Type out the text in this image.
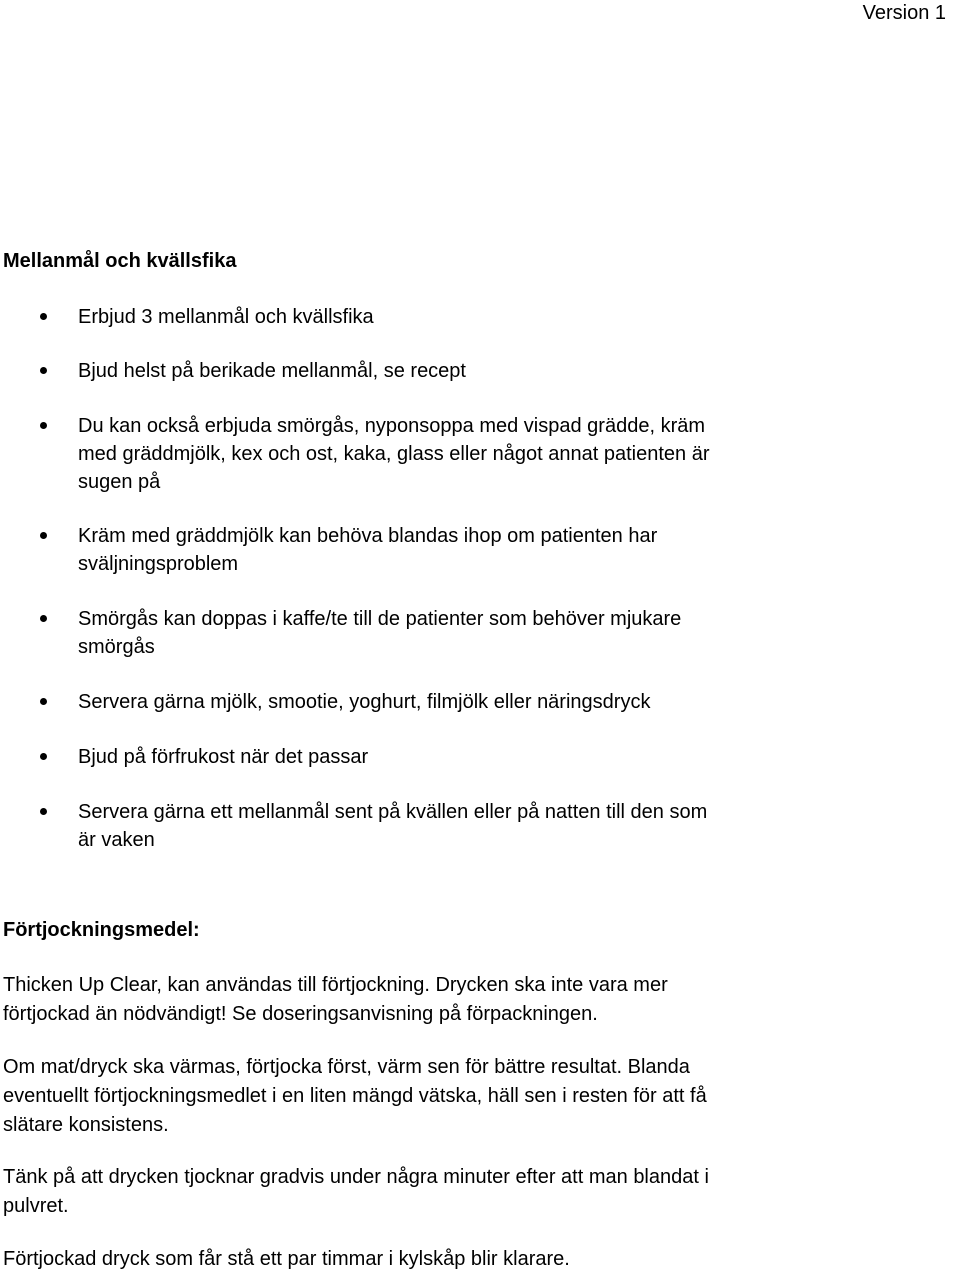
Version 1
Mellanmål och kvällsfika
Erbjud 3 mellanmål och kvällsfika
Bjud helst på berikade mellanmål, se recept
Du kan också erbjuda smörgås, nyponsoppa med vispad grädde, kräm med gräddmjölk, kex och ost, kaka, glass eller något annat patienten är sugen på
Kräm med gräddmjölk kan behöva blandas ihop om patienten har sväljningsproblem
Smörgås kan doppas i kaffe/te till de patienter som behöver mjukare smörgås
Servera gärna mjölk, smootie, yoghurt, filmjölk eller näringsdryck
Bjud på förfrukost när det passar
Servera gärna ett mellanmål sent på kvällen eller på natten till den som är vaken
Förtjockningsmedel:

Thicken Up Clear, kan användas till förtjockning. Drycken ska inte vara mer förtjockad än nödvändigt! Se doseringsanvisning på förpackningen.

Om mat/dryck ska värmas, förtjocka först, värm sen för bättre resultat. Blanda eventuellt förtjockningsmedlet i en liten mängd vätska, häll sen i resten för att få slätare konsistens.

Tänk på att drycken tjocknar gradvis under några minuter efter att man blandat i pulvret.

Förtjockad dryck som får stå ett par timmar i kylskåp blir klarare.
